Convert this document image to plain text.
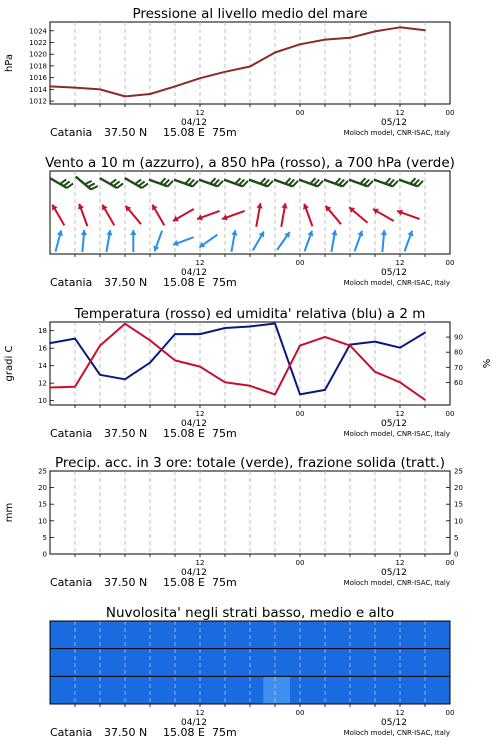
1012
1014
1016
1018
1020
1022
1024
hPa
Pressione al livello medio del mare
12	00	12	00
04/12	05/12
Catania 37.50 N 15.08 E 75m	Moloch model, CNR-ISAC, Italy
Vento a 10 m (azzurro), a 850 hPa (rosso), a 700 hPa (verde)
12	00	12	00
04/12	05/12
Catania 37.50 N 15.08 E 75m	Moloch model, CNR-ISAC, Italy
10
12
14
16
18
gradi C
60
70
80
90
%
Temperatura (rosso) ed umidita' relativa (blu) a 2 m
12	00	12	00
04/12	05/12
Catania 37.50 N 15.08 E 75m	Moloch model, CNR-ISAC, Italy
0
5
10
15
20
25
mm
0
5
10
15
20
25
Precip. acc. in 3 ore: totale (verde), frazione solida (tratt.)
12	00	12	00
04/12	05/12
Catania 37.50 N 15.08 E 75m	Moloch model, CNR-ISAC, Italy
Nuvolosita' negli strati basso, medio e alto
12	00	12	00
04/12	05/12
Catania 37.50 N 15.08 E 75m	Moloch model, CNR-ISAC, Italy
